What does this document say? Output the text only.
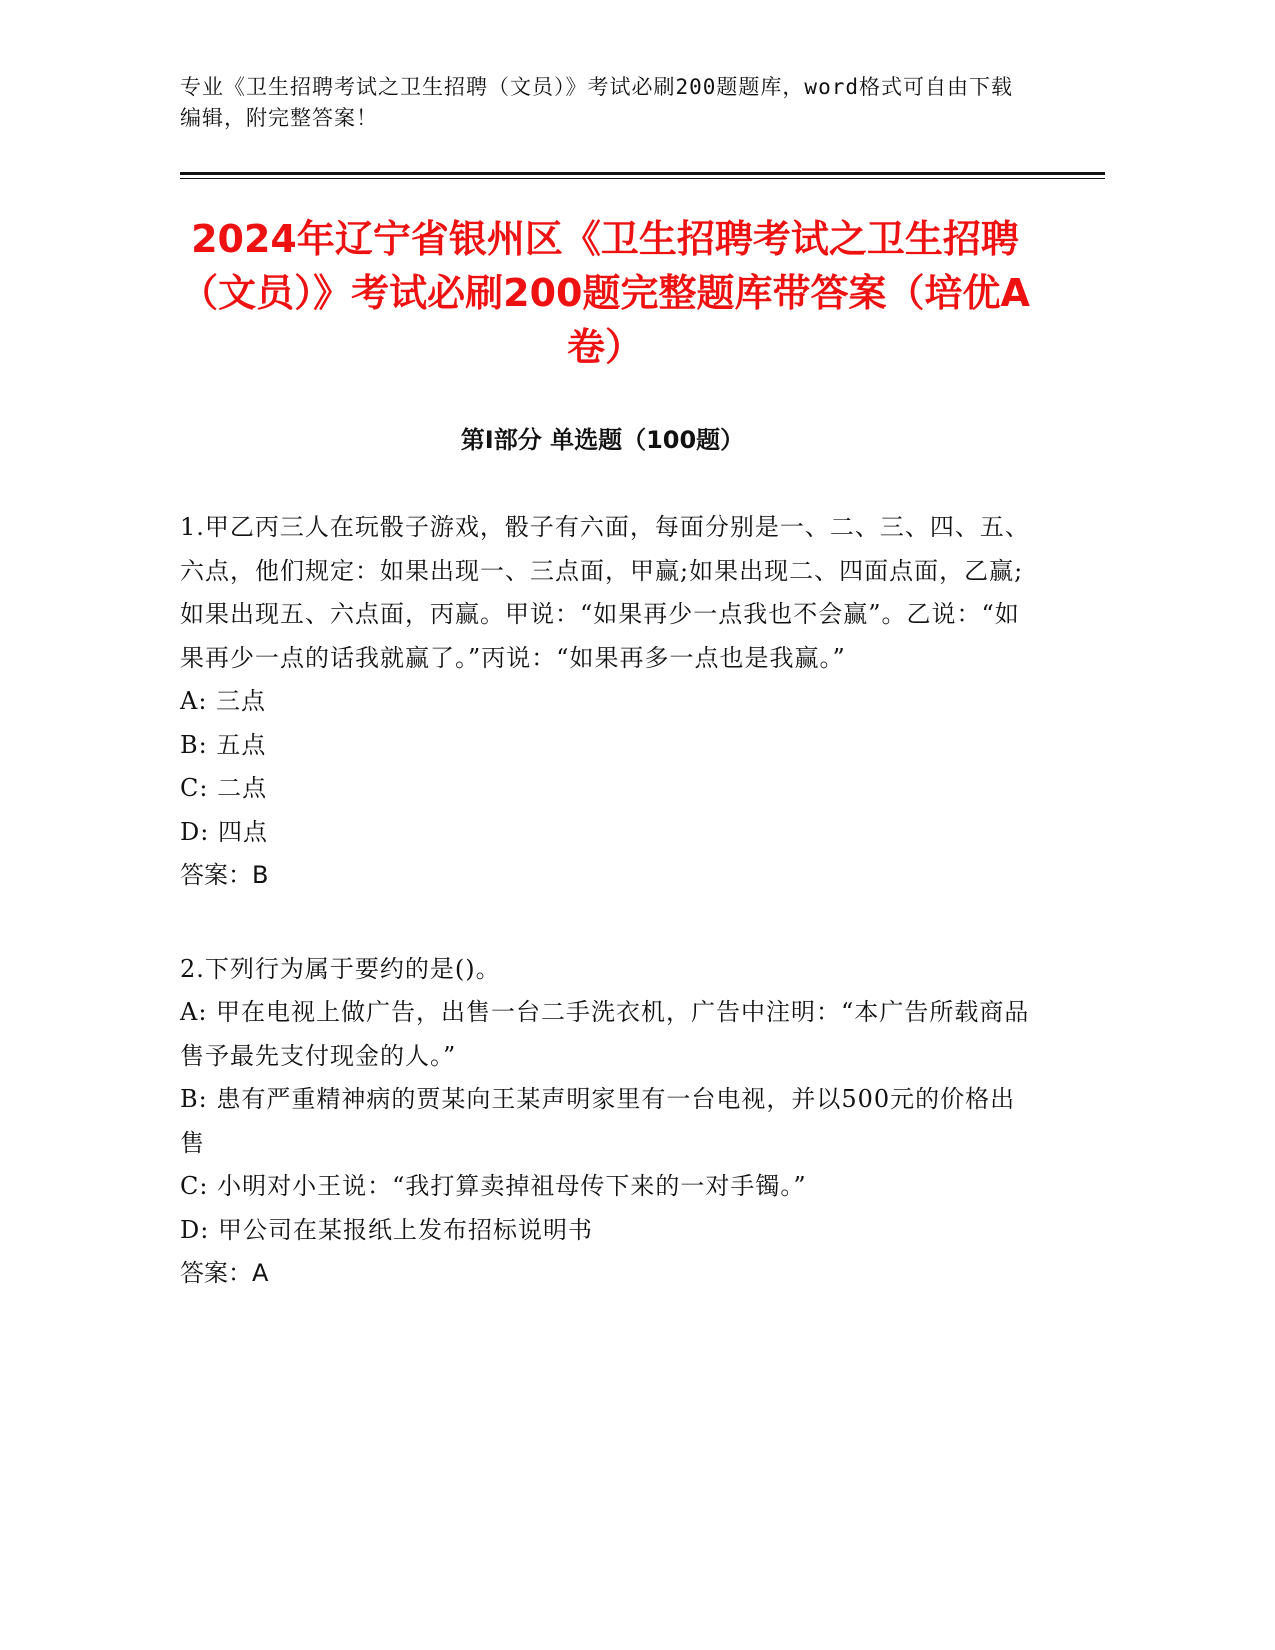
专业《卫生招聘考试之卫生招聘（文员）》考试必刷200题题库，word格式可自由下载编辑，附完整答案！
2024年辽宁省银州区《卫生招聘考试之卫生招聘（文员）》考试必刷200题完整题库带答案（培优A卷）
第I部分 单选题（100题）
1.甲乙丙三人在玩骰子游戏，骰子有六面，每面分别是一、二、三、四、五、六点，他们规定：如果出现一、三点面，甲赢;如果出现二、四面点面，乙赢;如果出现五、六点面，丙赢。甲说：“如果再少一点我也不会赢”。乙说：“如果再少一点的话我就赢了。”丙说：“如果再多一点也是我赢。”
A: 三点
B: 五点
C: 二点
D: 四点
答案：B
2.下列行为属于要约的是()。
A: 甲在电视上做广告，出售一台二手洗衣机，广告中注明：“本广告所载商品售予最先支付现金的人。”
B: 患有严重精神病的贾某向王某声明家里有一台电视，并以500元的价格出售
C: 小明对小王说：“我打算卖掉祖母传下来的一对手镯。”
D: 甲公司在某报纸上发布招标说明书
答案：A
